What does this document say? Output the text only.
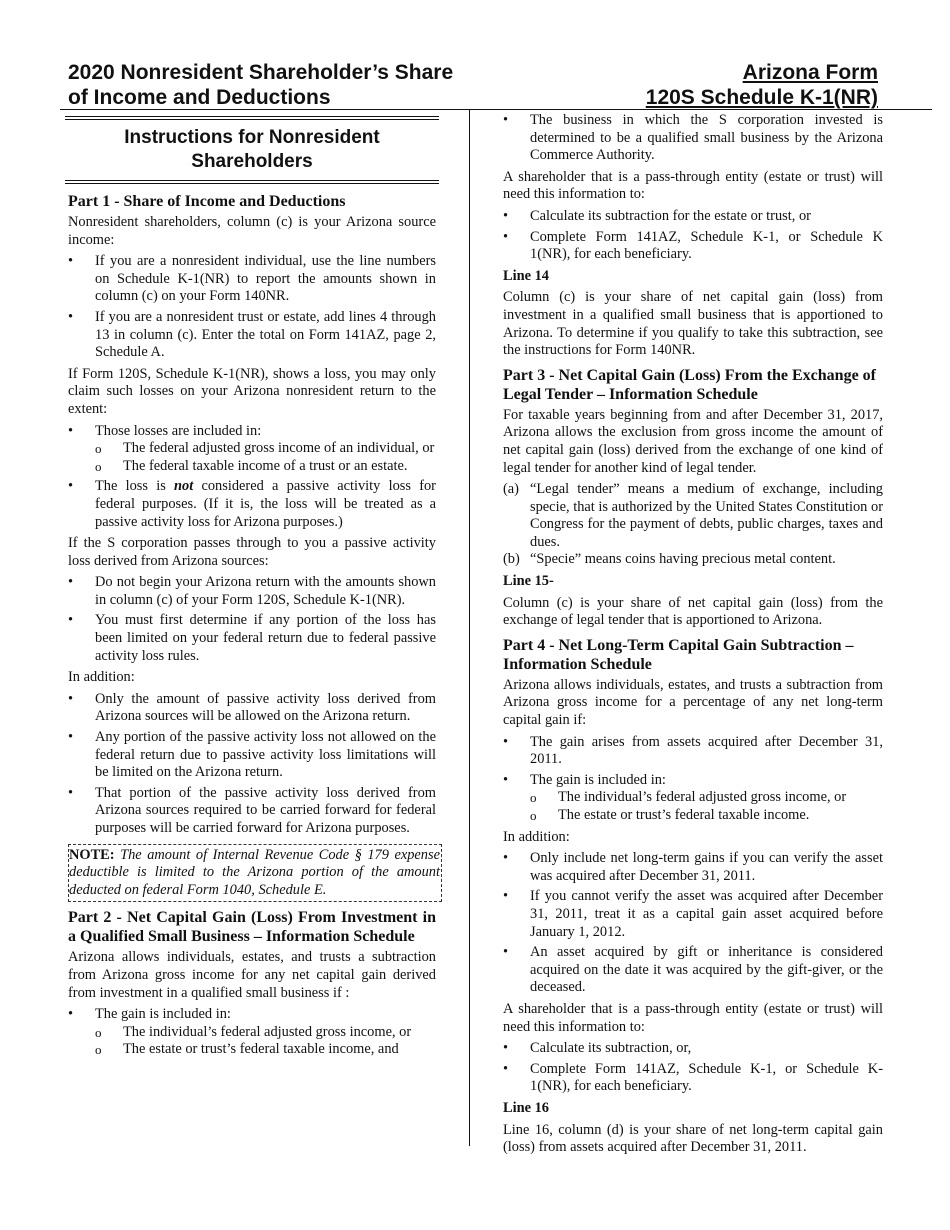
2020 Nonresident Shareholder’s Share
of Income and Deductions
Arizona Form
120S Schedule K-1(NR)
Instructions for Nonresident
Shareholders
Part 1 - Share of Income and Deductions

Nonresident shareholders, column (c) is your Arizona source income:

• If you are a nonresident individual, use the line numbers on Schedule K-1(NR) to report the amounts shown in column (c) on your Form 140NR.
• If you are a nonresident trust or estate, add lines 4 through 13 in column (c). Enter the total on Form 141AZ, page 2, Schedule A.

If Form 120S, Schedule K-1(NR), shows a loss, you may only claim such losses on your Arizona nonresident return to the extent:

• Those losses are included in:
o The federal adjusted gross income of an individual, or
o The federal taxable income of a trust or an estate.
• The loss is not considered a passive activity loss for federal purposes. (If it is, the loss will be treated as a passive activity loss for Arizona purposes.)

If the S corporation passes through to you a passive activity loss derived from Arizona sources:

• Do not begin your Arizona return with the amounts shown in column (c) of your Form 120S, Schedule K-1(NR).
• You must first determine if any portion of the loss has been limited on your federal return due to federal passive activity loss rules.

In addition:

• Only the amount of passive activity loss derived from Arizona sources will be allowed on the Arizona return.
• Any portion of the passive activity loss not allowed on the federal return due to passive activity loss limitations will be limited on the Arizona return.
• That portion of the passive activity loss derived from Arizona sources required to be carried forward for federal purposes will be carried forward for Arizona purposes.
NOTE: The amount of Internal Revenue Code § 179 expense deductible is limited to the Arizona portion of the amount deducted on federal Form 1040, Schedule E.
Part 2 - Net Capital Gain (Loss) From Investment in a Qualified Small Business – Information Schedule

Arizona allows individuals, estates, and trusts a subtraction from Arizona gross income for any net capital gain derived from investment in a qualified small business if :

• The gain is included in:
o The individual’s federal adjusted gross income, or
o The estate or trust’s federal taxable income, and
• The business in which the S corporation invested is determined to be a qualified small business by the Arizona Commerce Authority.

A shareholder that is a pass-through entity (estate or trust) will need this information to:

• Calculate its subtraction for the estate or trust, or
• Complete Form 141AZ, Schedule K-1, or Schedule K 1(NR), for each beneficiary.
Line 14

Column (c) is your share of net capital gain (loss) from investment in a qualified small business that is apportioned to Arizona. To determine if you qualify to take this subtraction, see the instructions for Form 140NR.

Part 3 - Net Capital Gain (Loss) From the Exchange of Legal Tender – Information Schedule

For taxable years beginning from and after December 31, 2017, Arizona allows the exclusion from gross income the amount of net capital gain (loss) derived from the exchange of one kind of legal tender for another kind of legal tender.

(a) “Legal tender” means a medium of exchange, including specie, that is authorized by the United States Constitution or Congress for the payment of debts, public charges, taxes and dues.
(b) “Specie” means coins having precious metal content.
Line 15-

Column (c) is your share of net capital gain (loss) from the exchange of legal tender that is apportioned to Arizona.

Part 4 - Net Long-Term Capital Gain Subtraction – Information Schedule

Arizona allows individuals, estates, and trusts a subtraction from Arizona gross income for a percentage of any net long-term capital gain if:

• The gain arises from assets acquired after December 31, 2011.
• The gain is included in:
o The individual’s federal adjusted gross income, or
o The estate or trust’s federal taxable income.

In addition:

• Only include net long-term gains if you can verify the asset was acquired after December 31, 2011.
• If you cannot verify the asset was acquired after December 31, 2011, treat it as a capital gain asset acquired before January 1, 2012.
• An asset acquired by gift or inheritance is considered acquired on the date it was acquired by the gift-giver, or the deceased.

A shareholder that is a pass-through entity (estate or trust) will need this information to:

• Calculate its subtraction, or,
• Complete Form 141AZ, Schedule K-1, or Schedule K-1(NR), for each beneficiary.
Line 16

Line 16, column (d) is your share of net long-term capital gain (loss) from assets acquired after December 31, 2011.
